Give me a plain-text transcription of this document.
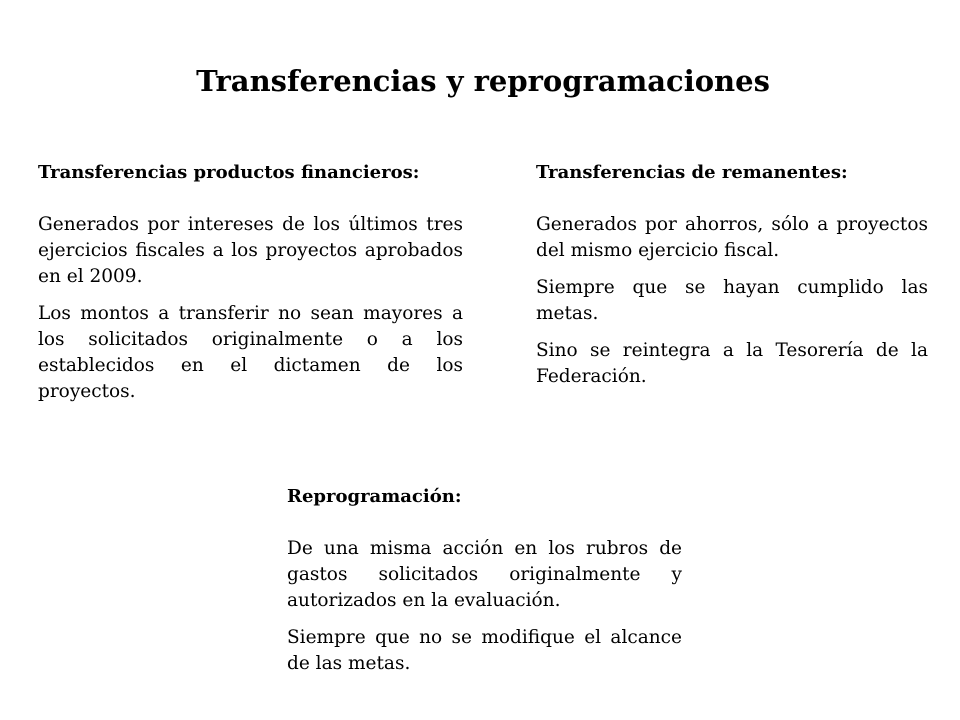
Transferencias y reprogramaciones
Transferencias productos financieros:

Generados por intereses de los últimos tres ejercicios fiscales a los proyectos aprobados en el 2009.

Los montos a transferir no sean mayores a los solicitados originalmente o a los establecidos en el dictamen de los proyectos.

Transferencias de remanentes:

Generados por ahorros, sólo a proyectos del mismo ejercicio fiscal.

Siempre que se hayan cumplido las metas.

Sino se reintegra a la Tesorería de la Federación.

Reprogramación:

De una misma acción en los rubros de gastos solicitados originalmente y autorizados en la evaluación.

Siempre que no se modifique el alcance de las metas.
